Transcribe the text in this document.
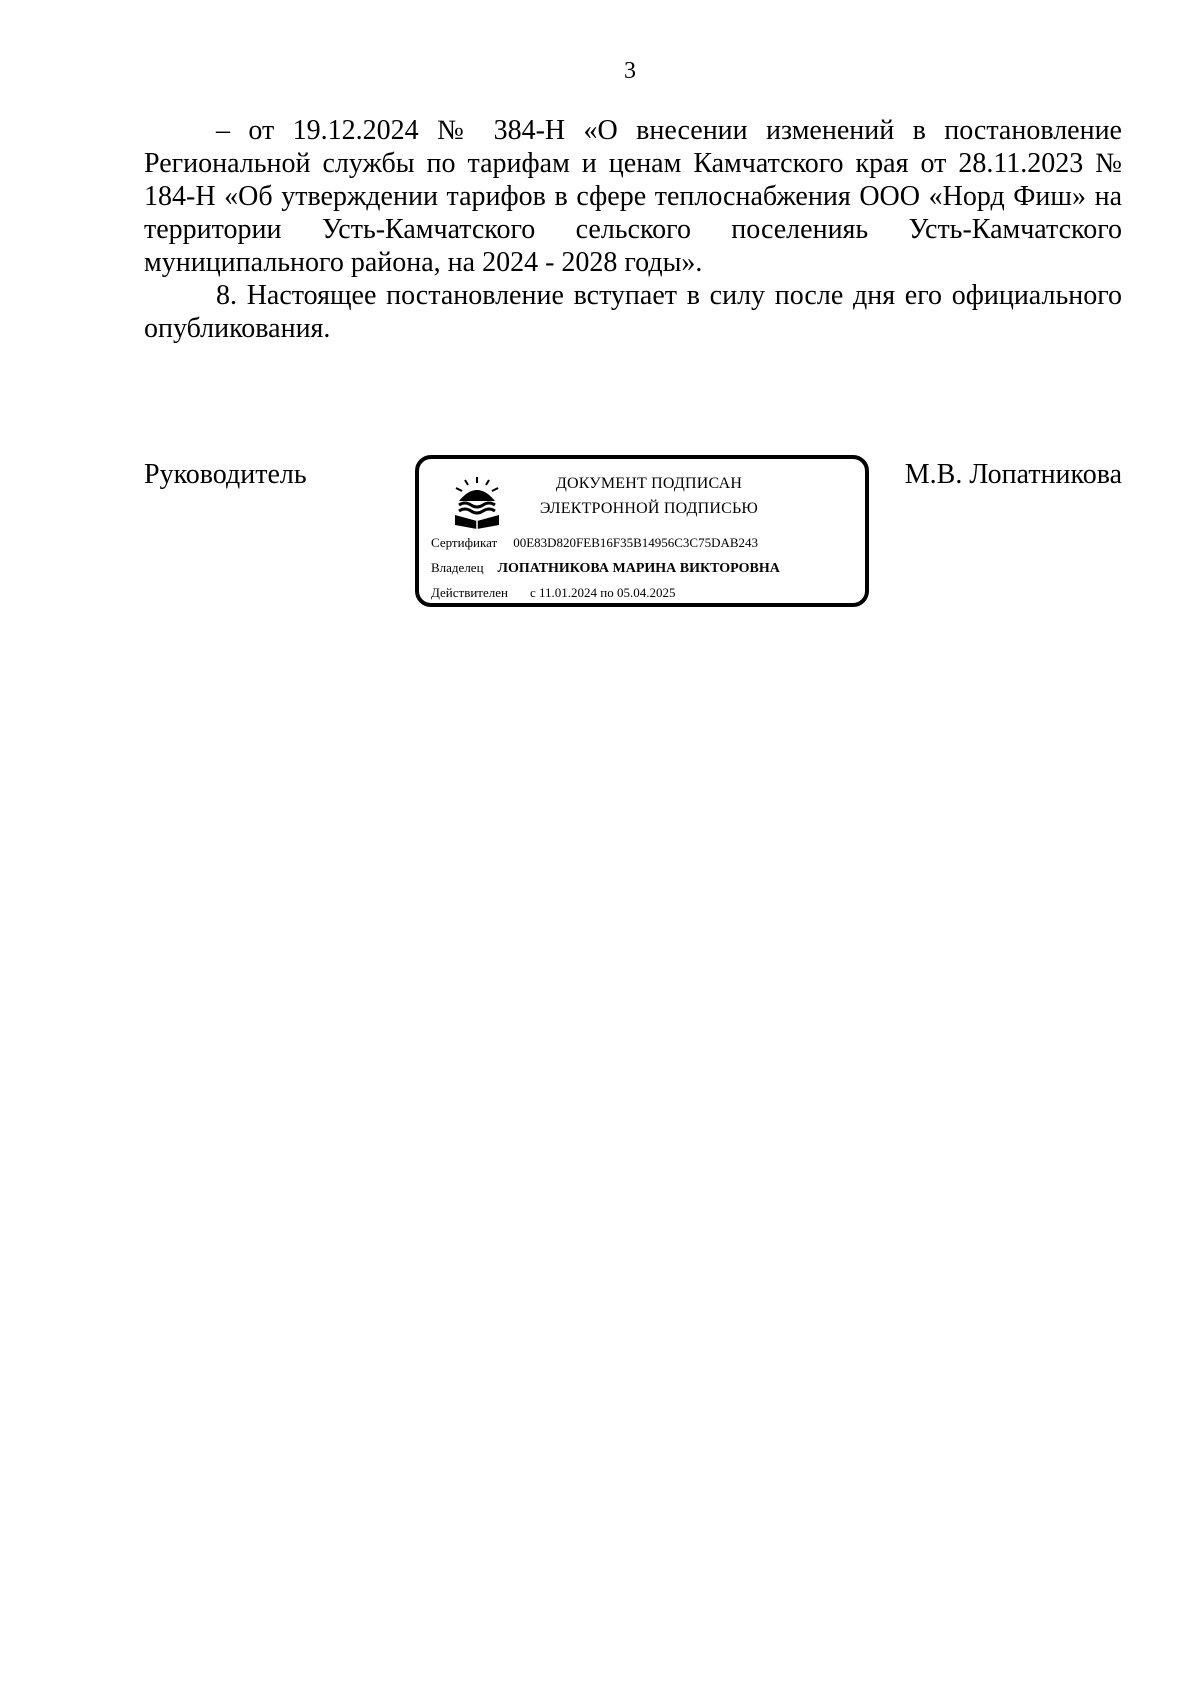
3

– от 19.12.2024 № 384-Н «О внесении изменений в постановление Региональной службы по тарифам и ценам Камчатского края от 28.11.2023 № 184-Н «Об утверждении тарифов в сфере теплоснабжения ООО «Норд Фиш» на территории Усть-Камчатского сельского поселенияь Усть-Камчатского муниципального района, на 2024 - 2028 годы».

8. Настоящее постановление вступает в силу после дня его официального опубликования.

Руководитель	ДОКУМЕНТ ПОДПИСАН
ЭЛЕКТРОННОЙ ПОДПИСЬЮ
Сертификат 00E83D820FEB16F35B14956C3C75DAB243
Владелец ЛОПАТНИКОВА МАРИНА ВИКТОРОВНА
Действителен с 11.01.2024 по 05.04.2025
М.В. Лопатникова
